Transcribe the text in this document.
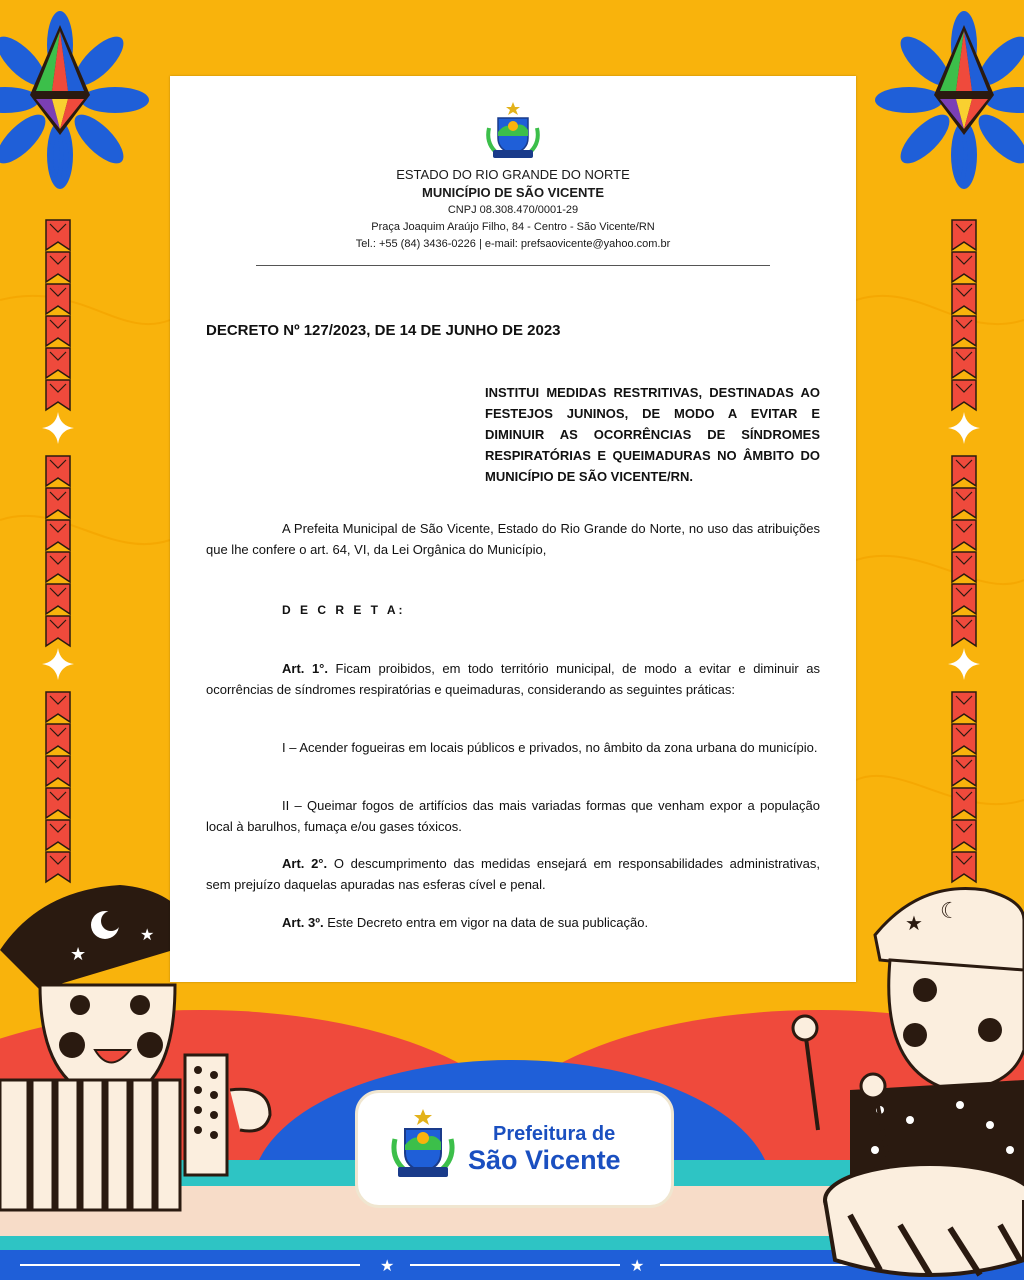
★	★
★
★	★ ☾
ESTADO DO RIO GRANDE DO NORTE
MUNICÍPIO DE SÃO VICENTE
CNPJ 08.308.470/0001-29
Praça Joaquim Araújo Filho, 84 - Centro - São Vicente/RN
Tel.: +55 (84) 3436-0226 | e-mail: prefsaovicente@yahoo.com.br
DECRETO Nº 127/2023, DE 14 DE JUNHO DE 2023
INSTITUI MEDIDAS RESTRITIVAS, DESTINADAS AO FESTEJOS JUNINOS, DE MODO A EVITAR E DIMINUIR AS OCORRÊNCIAS DE SÍNDROMES RESPIRATÓRIAS E QUEIMADURAS NO ÂMBITO DO MUNICÍPIO DE SÃO VICENTE/RN.
A Prefeita Municipal de São Vicente, Estado do Rio Grande do Norte, no uso das atribuições que lhe confere o art. 64, VI, da Lei Orgânica do Município,
D E C R E T A:
Art. 1°. Ficam proibidos, em todo território municipal, de modo a evitar e diminuir as ocorrências de síndromes respiratórias e queimaduras, considerando as seguintes práticas:
I – Acender fogueiras em locais públicos e privados, no âmbito da zona urbana do município.
II – Queimar fogos de artifícios das mais variadas formas que venham expor a população local à barulhos, fumaça e/ou gases tóxicos.
Art. 2°. O descumprimento das medidas ensejará em responsabilidades administrativas, sem prejuízo daquelas apuradas nas esferas cível e penal.
Art. 3º. Este Decreto entra em vigor na data de sua publicação.
Prefeitura de
São Vicente
